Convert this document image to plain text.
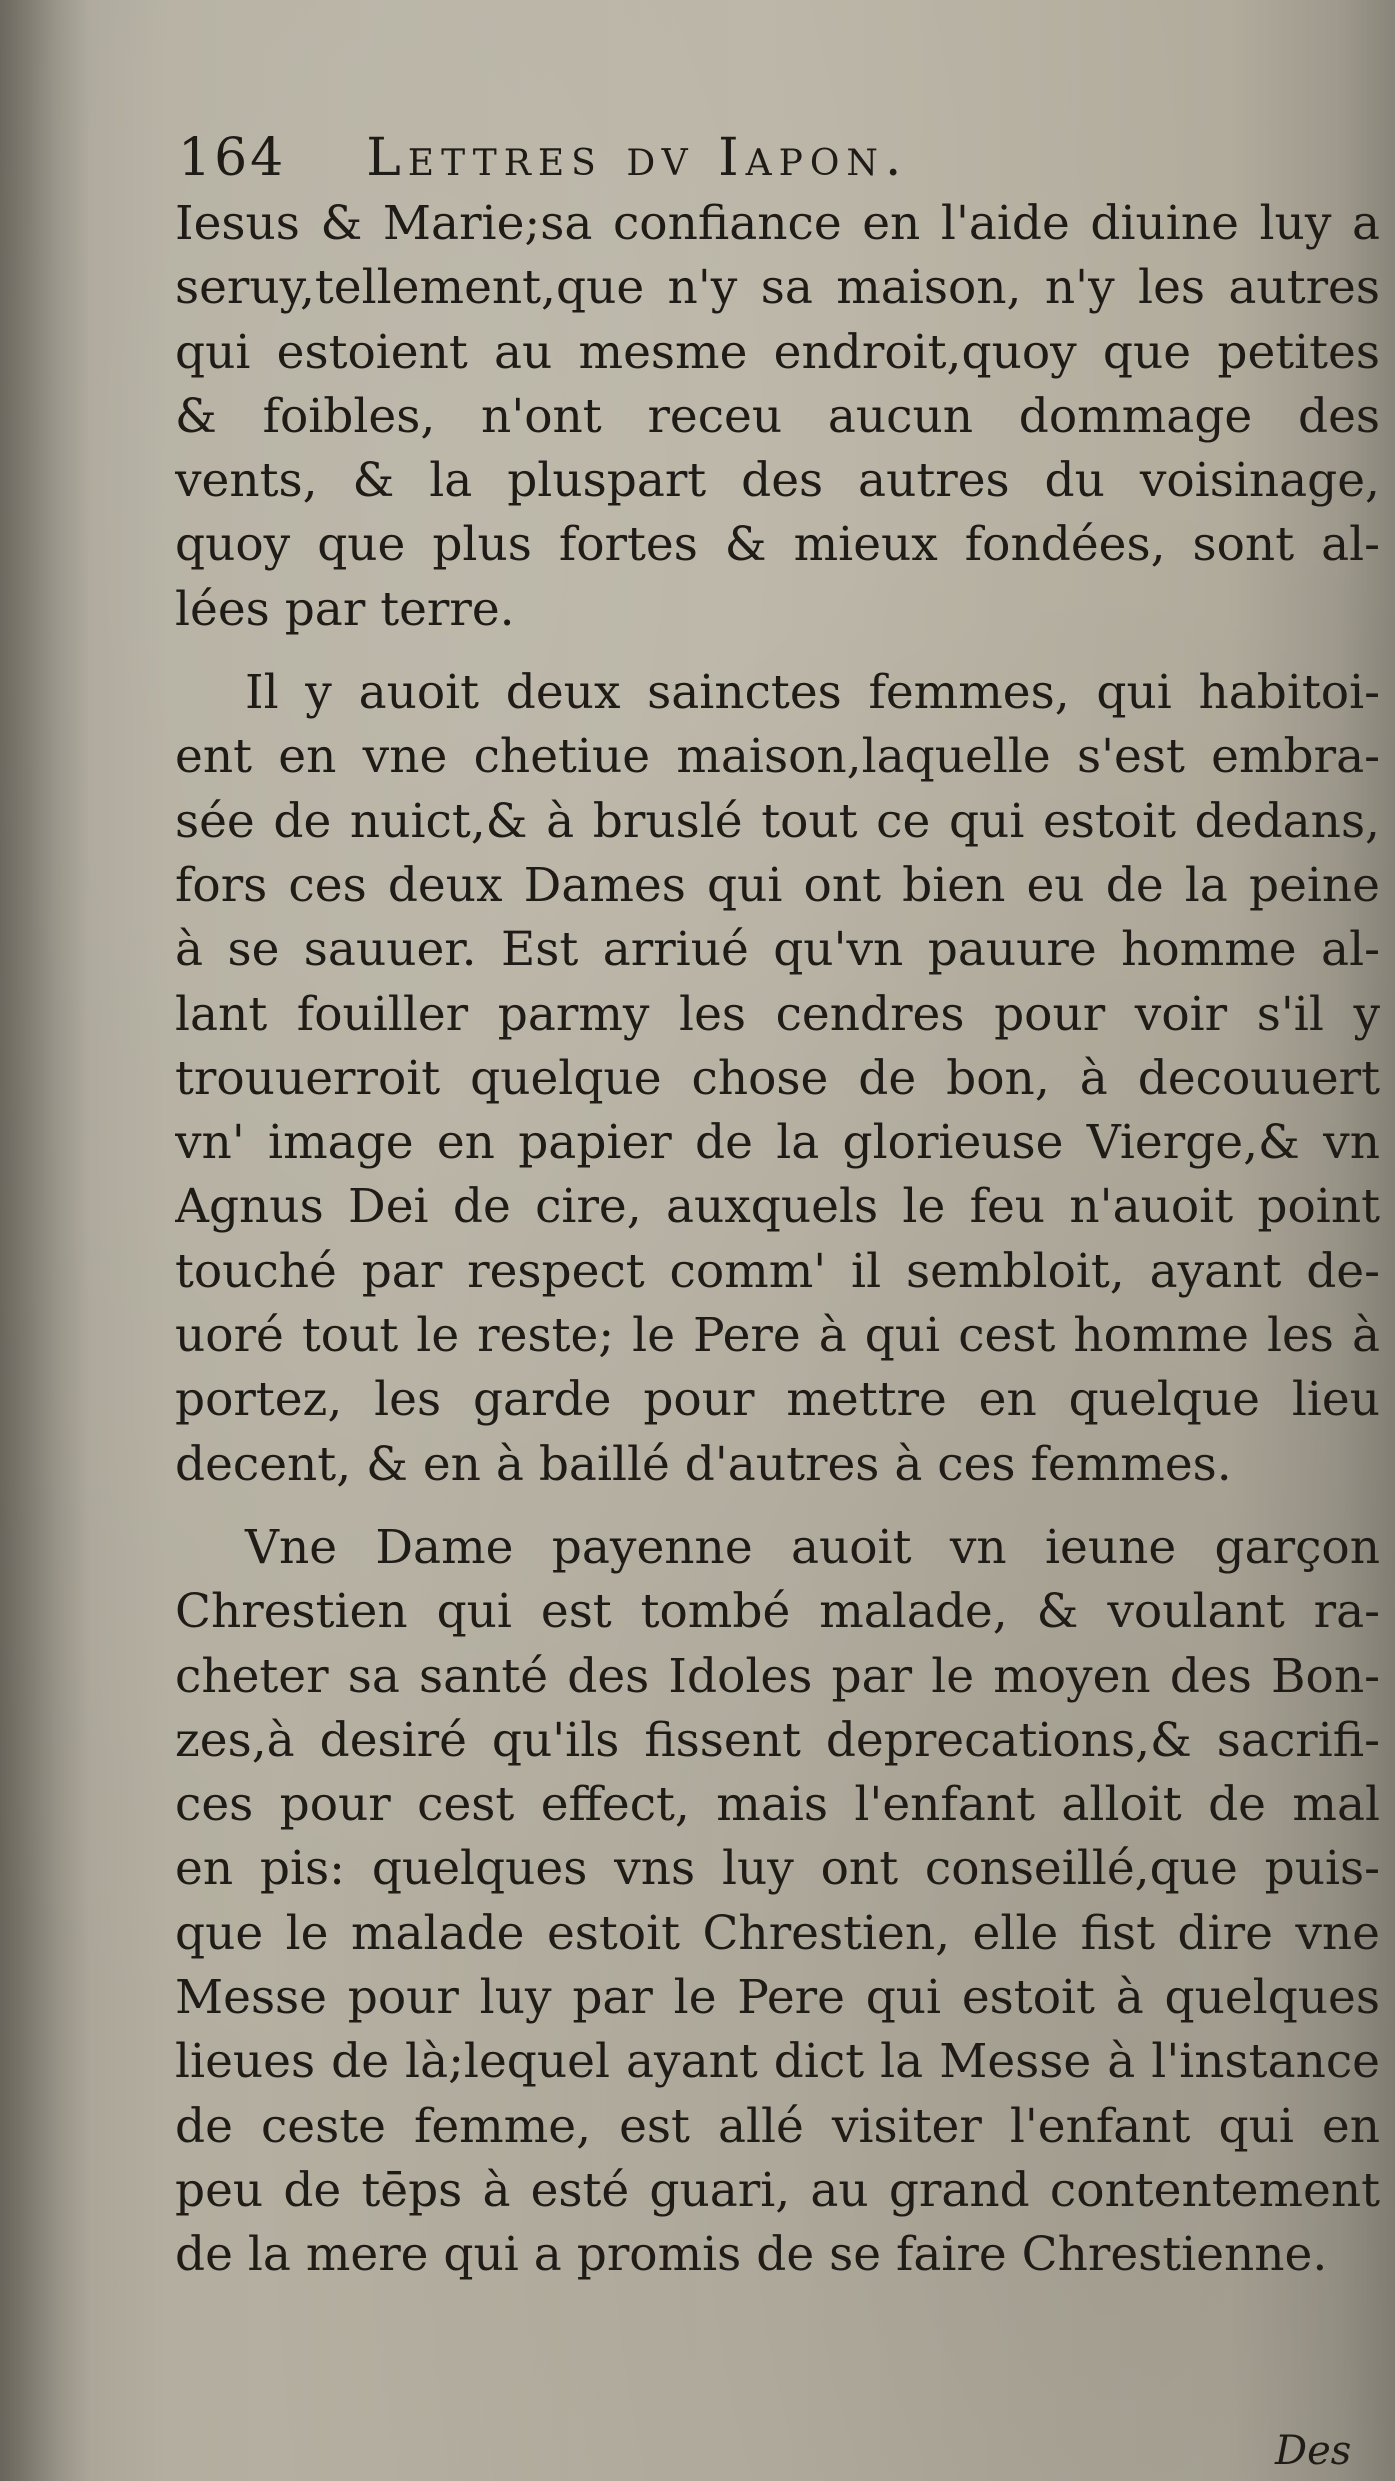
164 Lettres dv Iapon.
Iesus & Marie;sa confiance en l'aide diuine luy a
seruy,tellement,que n'y sa maison, n'y les autres
qui estoient au mesme endroit,quoy que petites
& foibles, n'ont receu aucun dommage des
vents, & la pluspart des autres du voisinage,
quoy que plus fortes & mieux fondées, sont al-
lées par terre.
Il y auoit deux sainctes femmes, qui habitoi-
ent en vne chetiue maison,laquelle s'est embra-
sée de nuict,& à bruslé tout ce qui estoit dedans,
fors ces deux Dames qui ont bien eu de la peine
à se sauuer. Est arriué qu'vn pauure homme al-
lant fouiller parmy les cendres pour voir s'il y
trouuerroit quelque chose de bon, à decouuert
vn' image en papier de la glorieuse Vierge,& vn
Agnus Dei de cire, auxquels le feu n'auoit point
touché par respect comm' il sembloit, ayant de-
uoré tout le reste; le Pere à qui cest homme les à
portez, les garde pour mettre en quelque lieu
decent, & en à baillé d'autres à ces femmes.
Vne Dame payenne auoit vn ieune garçon
Chrestien qui est tombé malade, & voulant ra-
cheter sa santé des Idoles par le moyen des Bon-
zes,à desiré qu'ils fissent deprecations,& sacrifi-
ces pour cest effect, mais l'enfant alloit de mal
en pis: quelques vns luy ont conseillé,que puis-
que le malade estoit Chrestien, elle fist dire vne
Messe pour luy par le Pere qui estoit à quelques
lieues de là;lequel ayant dict la Messe à l'instance
de ceste femme, est allé visiter l'enfant qui en
peu de tēps à esté guari, au grand contentement
de la mere qui a promis de se faire Chrestienne.
Des
